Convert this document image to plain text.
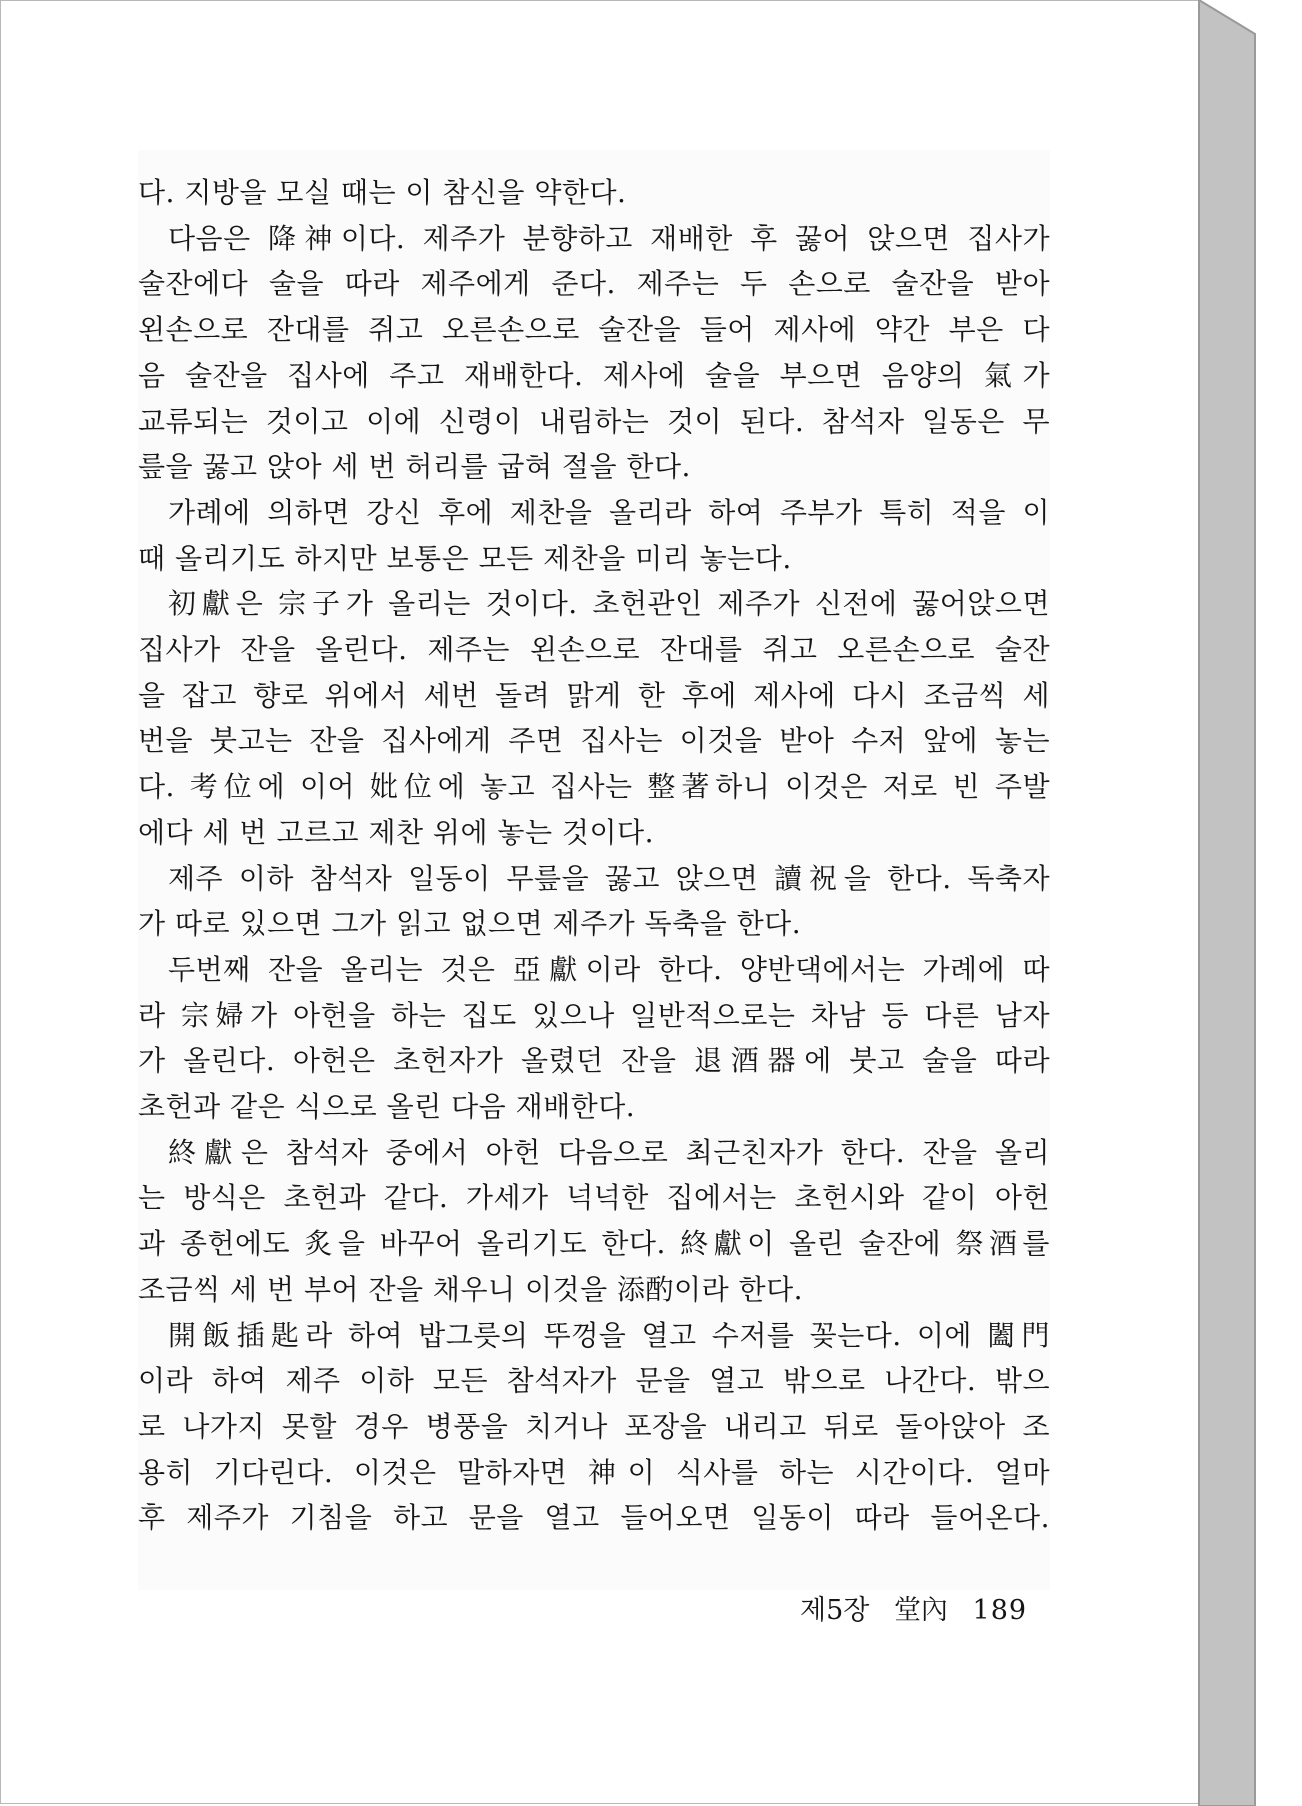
다. 지방을 모실 때는 이 참신을 약한다.

다음은 降神이다. 제주가 분향하고 재배한 후 꿇어 앉으면 집사가

술잔에다 술을 따라 제주에게 준다. 제주는 두 손으로 술잔을 받아

왼손으로 잔대를 쥐고 오른손으로 술잔을 들어 제사에 약간 부은 다

음 술잔을 집사에 주고 재배한다. 제사에 술을 부으면 음양의 氣가

교류되는 것이고 이에 신령이 내림하는 것이 된다. 참석자 일동은 무

릎을 꿇고 앉아 세 번 허리를 굽혀 절을 한다.

가례에 의하면 강신 후에 제찬을 올리라 하여 주부가 특히 적을 이

때 올리기도 하지만 보통은 모든 제찬을 미리 놓는다.

初獻은 宗子가 올리는 것이다. 초헌관인 제주가 신전에 꿇어앉으면

집사가 잔을 올린다. 제주는 왼손으로 잔대를 쥐고 오른손으로 술잔

을 잡고 향로 위에서 세번 돌려 맑게 한 후에 제사에 다시 조금씩 세

번을 붓고는 잔을 집사에게 주면 집사는 이것을 받아 수저 앞에 놓는

다. 考位에 이어 妣位에 놓고 집사는 整著하니 이것은 저로 빈 주발

에다 세 번 고르고 제찬 위에 놓는 것이다.

제주 이하 참석자 일동이 무릎을 꿇고 앉으면 讀祝을 한다. 독축자

가 따로 있으면 그가 읽고 없으면 제주가 독축을 한다.

두번째 잔을 올리는 것은 亞獻이라 한다. 양반댁에서는 가례에 따

라 宗婦가 아헌을 하는 집도 있으나 일반적으로는 차남 등 다른 남자

가 올린다. 아헌은 초헌자가 올렸던 잔을 退酒器에 붓고 술을 따라

초헌과 같은 식으로 올린 다음 재배한다.

終獻은 참석자 중에서 아헌 다음으로 최근친자가 한다. 잔을 올리

는 방식은 초헌과 같다. 가세가 넉넉한 집에서는 초헌시와 같이 아헌

과 종헌에도 炙을 바꾸어 올리기도 한다. 終獻이 올린 술잔에 祭酒를

조금씩 세 번 부어 잔을 채우니 이것을 添酌이라 한다.

開飯插匙라 하여 밥그릇의 뚜껑을 열고 수저를 꽂는다. 이에 闔門

이라 하여 제주 이하 모든 참석자가 문을 열고 밖으로 나간다. 밖으

로 나가지 못할 경우 병풍을 치거나 포장을 내리고 뒤로 돌아앉아 조

용히 기다린다. 이것은 말하자면 神이 식사를 하는 시간이다. 얼마

후 제주가 기침을 하고 문을 열고 들어오면 일동이 따라 들어온다.

제5장 堂內 189
